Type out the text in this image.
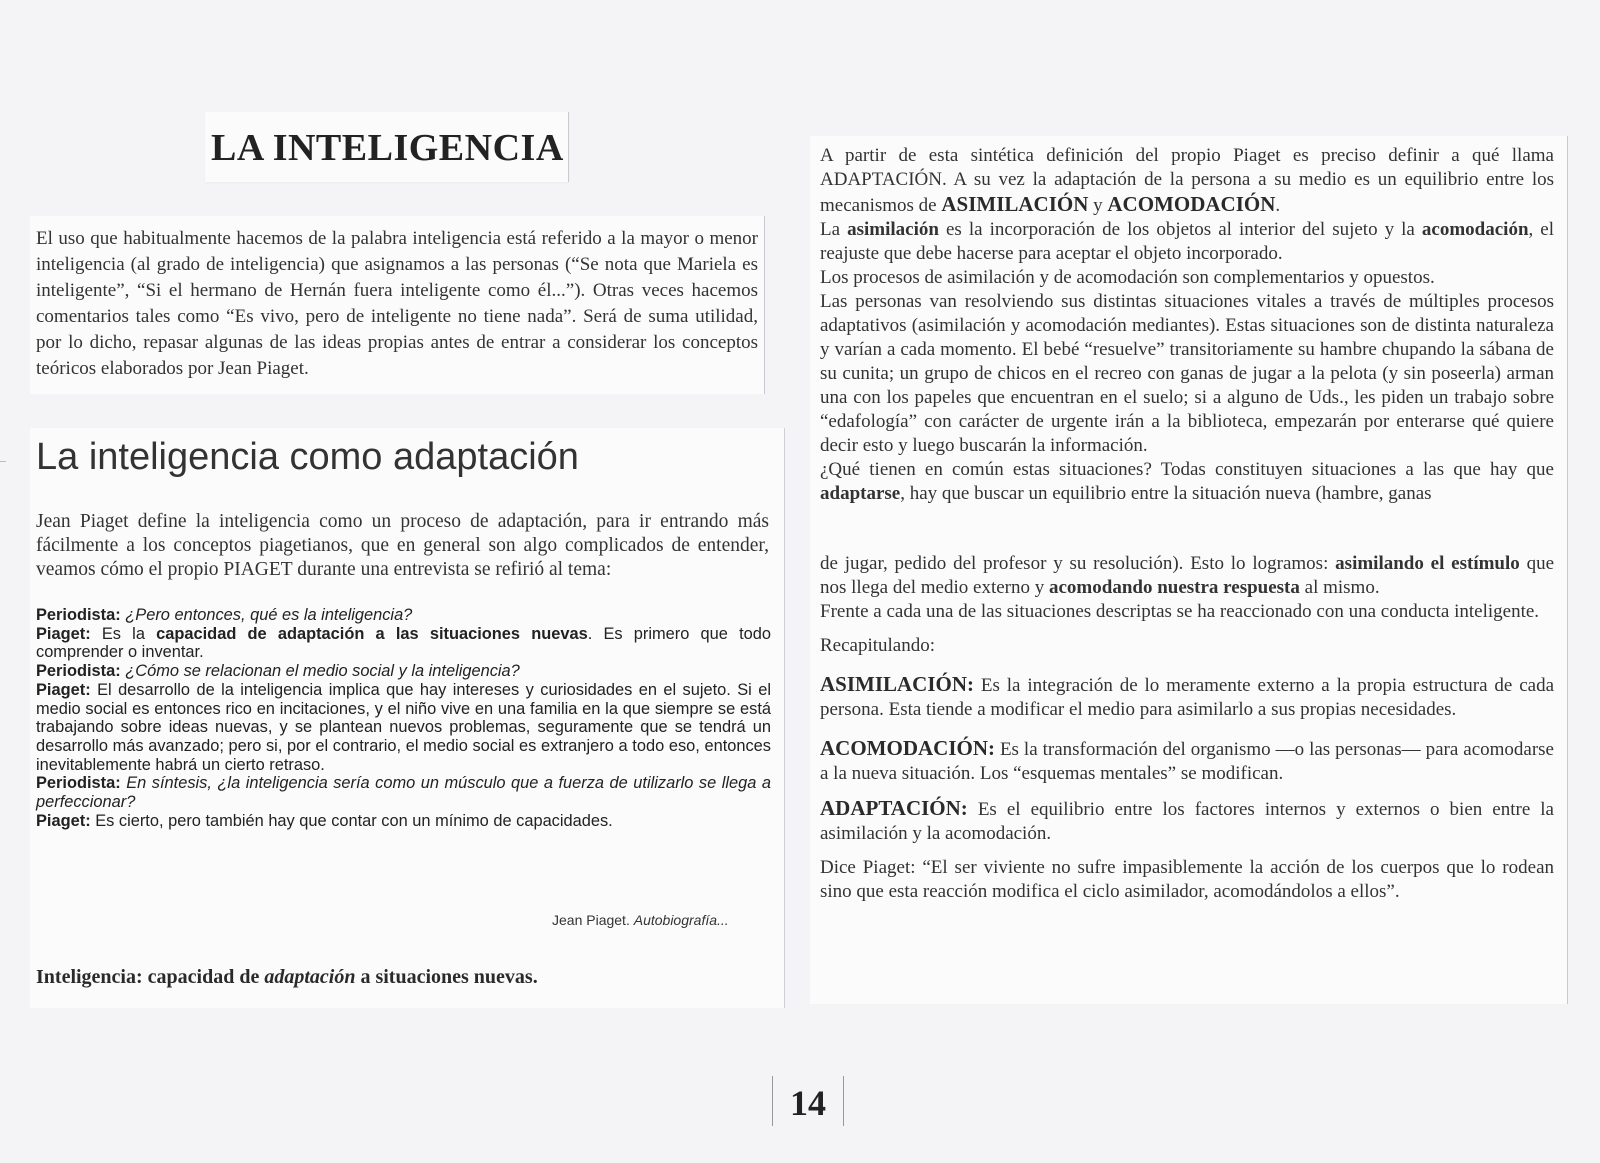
LA INTELIGENCIA

El uso que habitualmente hacemos de la palabra inteligencia está referido a la mayor o menor inteligencia (al grado de inteligencia) que asignamos a las personas (“Se nota que Mariela es inteligente”, “Si el hermano de Hernán fuera inteligente como él...”). Otras veces hacemos comentarios tales como “Es vivo, pero de inteligente no tiene nada”. Será de suma utilidad, por lo dicho, repasar algunas de las ideas propias antes de entrar a considerar los conceptos teóricos elaborados por Jean Piaget.

La inteligencia como adaptación

Jean Piaget define la inteligencia como un proceso de adaptación, para ir entrando más fácilmente a los conceptos piagetianos, que en general son algo complicados de entender, veamos cómo el propio PIAGET durante una entrevista se refirió al tema:

Periodista: ¿Pero entonces, qué es la inteligencia?

Piaget: Es la capacidad de adaptación a las situaciones nuevas. Es primero que todo comprender o inventar.

Periodista: ¿Cómo se relacionan el medio social y la inteligencia?

Piaget: El desarrollo de la inteligencia implica que hay intereses y curiosidades en el sujeto. Si el medio social es entonces rico en incitaciones, y el niño vive en una familia en la que siempre se está trabajando sobre ideas nuevas, y se plantean nuevos problemas, seguramente que se tendrá un desarrollo más avanzado; pero si, por el contrario, el medio social es extranjero a todo eso, entonces inevitablemente habrá un cierto retraso.

Periodista: En síntesis, ¿la inteligencia sería como un músculo que a fuerza de utilizarlo se llega a perfeccionar?

Piaget: Es cierto, pero también hay que contar con un mínimo de capacidades.

Jean Piaget. Autobiografía...
Inteligencia: capacidad de adaptación a situaciones nuevas.

A partir de esta sintética definición del propio Piaget es preciso definir a qué llama ADAPTACIÓN. A su vez la adaptación de la persona a su medio es un equilibrio entre los mecanismos de ASIMILACIÓN y ACOMODACIÓN.

La asimilación es la incorporación de los objetos al interior del sujeto y la acomodación, el reajuste que debe hacerse para aceptar el objeto incorporado.

Los procesos de asimilación y de acomodación son complementarios y opuestos.

Las personas van resolviendo sus distintas situaciones vitales a través de múltiples procesos adaptativos (asimilación y acomodación mediantes). Estas situaciones son de distinta naturaleza y varían a cada momento. El bebé “resuelve” transitoriamente su hambre chupando la sábana de su cunita; un grupo de chicos en el recreo con ganas de jugar a la pelota (y sin poseerla) arman una con los papeles que encuentran en el suelo; si a alguno de Uds., les piden un trabajo sobre “edafología” con carácter de urgente irán a la biblioteca, empezarán por enterarse qué quiere decir esto y luego buscarán la información.

¿Qué tienen en común estas situaciones? Todas constituyen situaciones a las que hay que adaptarse, hay que buscar un equilibrio entre la situación nueva (hambre, ganas

de jugar, pedido del profesor y su resolución). Esto lo logramos: asimilando el estímulo que nos llega del medio externo y acomodando nuestra respuesta al mismo.

Frente a cada una de las situaciones descriptas se ha reaccionado con una conducta inteligente.

Recapitulando:

ASIMILACIÓN: Es la integración de lo meramente externo a la propia estructura de cada persona. Esta tiende a modificar el medio para asimilarlo a sus propias necesidades.

ACOMODACIÓN: Es la transformación del organismo —o las personas— para acomodarse a la nueva situación. Los “esquemas mentales” se modifican.

ADAPTACIÓN: Es el equilibrio entre los factores internos y externos o bien entre la asimilación y la acomodación.

Dice Piaget: “El ser viviente no sufre impasiblemente la acción de los cuerpos que lo rodean sino que esta reacción modifica el ciclo asimilador, acomodándolos a ellos”.

14
